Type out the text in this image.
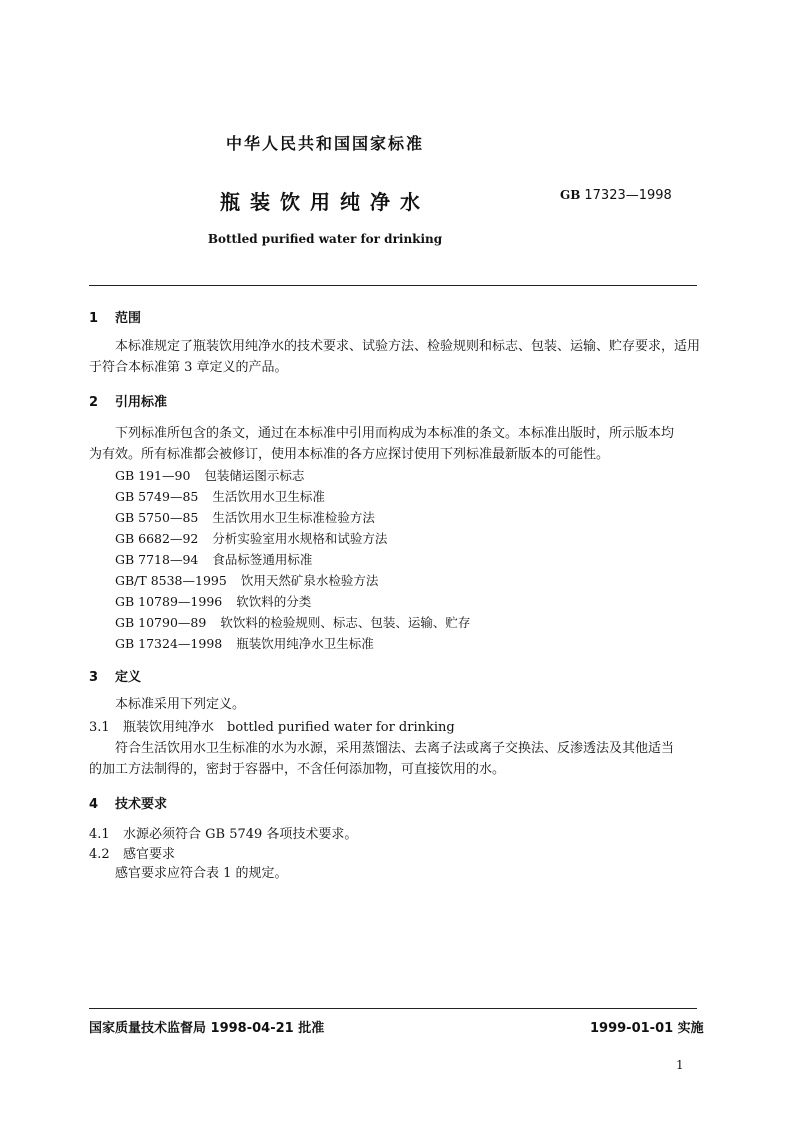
中华人民共和国国家标准
瓶装饮用纯净水	GB 17323—1998
Bottled purified water for drinking
1 范围
本标准规定了瓶装饮用纯净水的技术要求、试验方法、检验规则和标志、包装、运输、贮存要求，适用
于符合本标准第 3 章定义的产品。
2 引用标准
下列标准所包含的条文，通过在本标准中引用而构成为本标准的条文。本标准出版时，所示版本均
为有效。所有标准都会被修订，使用本标准的各方应探讨使用下列标准最新版本的可能性。
GB 191—90 包装储运图示标志
GB 5749—85 生活饮用水卫生标准
GB 5750—85 生活饮用水卫生标准检验方法
GB 6682—92 分析实验室用水规格和试验方法
GB 7718—94 食品标签通用标准
GB/T 8538—1995 饮用天然矿泉水检验方法
GB 10789—1996 软饮料的分类
GB 10790—89 软饮料的检验规则、标志、包装、运输、贮存
GB 17324—1998 瓶装饮用纯净水卫生标准
3 定义
本标准采用下列定义。
3.1 瓶装饮用纯净水　bottled purified water for drinking
符合生活饮用水卫生标准的水为水源，采用蒸馏法、去离子法或离子交换法、反渗透法及其他适当
的加工方法制得的，密封于容器中，不含任何添加物，可直接饮用的水。
4 技术要求
4.1 水源必须符合 GB 5749 各项技术要求。
4.2 感官要求
感官要求应符合表 1 的规定。
国家质量技术监督局 1998-04-21 批准	1999-01-01 实施
1
